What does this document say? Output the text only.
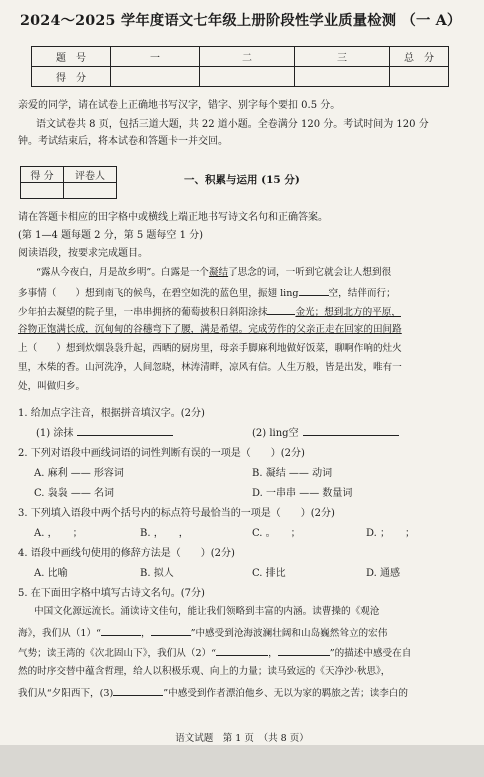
2024～2025 学年度语文七年级上册阶段性学业质量检测 （一 A）
题　号	一	二	三	总　分
得　分				
亲爱的同学，请在试卷上正确地书写汉字，错字、别字每个要扣 0.5 分。
语文试卷共 8 页，包括三道大题，共 22 道小题。全卷满分 120 分。考试时间为 120 分
钟。考试结束后，将本试卷和答题卡一并交回。
得 分	评卷人
		一、积累与运用 (15 分)
请在答题卡相应的田字格中或横线上端正地书写诗文名句和正确答案。
(第 1—4 题每题 2 分，第 5 题每空 1 分)
阅读语段，按要求完成题目。
“露从今夜白，月是故乡明”。白露是一个凝结了思念的词，一听到它就会让人想到很
多事情（　　）想到南飞的候鸟，在碧空如洗的蓝色里，振翅 ling	空，结伴而行；
少年拍去凝望的院子里，一串串拥挤的葡萄披积日斜阳涂抹	金光；想到北方的平原，
谷物正饱满长成，沉甸甸的谷穗弯下了腰，满是希望。完成劳作的父亲正走在回家的田间路
上（　　）想到炊烟袅袅升起，西晒的厨房里，母亲手脚麻利地做好饭菜，聊啊作响的灶火
里，木柴的香。山河洗净，人间忽晓，林涛清畔，凉风有信。人生万般，皆是出发，唯有一
处，叫做归乡。
1. 给加点字注音，根据拼音填汉字。(2分)
(1) 涂抹	(2) ling空
2. 下列对语段中画线词语的词性判断有误的一项是（　　）(2分)
A. 麻利 —— 形容词	B. 凝结 —— 动词
C. 袅袅 —— 名词	D. 一串串 —— 数量词
3. 下列填入语段中两个括号内的标点符号最恰当的一项是（　　）(2分)
A. ，　　；	B. ，　　，	C. 。　　；	D. ；　　；
4. 语段中画线句使用的修辞方法是（　　）(2分)
A. 比喻	B. 拟人	C. 排比	D. 通感
5. 在下面田字格中填写古诗文名句。(7分)
中国文化源远流长。涌读诗文佳句，能让我们领略到丰富的内涵。读曹操的《观沧
海》，我们从（1）“	，	”中感受到沧海波澜壮阔和山岛巍然耸立的宏伟
气势；读王湾的《次北固山下》，我们从（2）“	，	”的描述中感受在自
然的时序交替中蕴含哲理，给人以积极乐观、向上的力量；读马致远的《天净沙·秋思》，
我们从“夕阳西下，(3)	”中感受到作者漂泊他乡、无以为家的羁旅之苦；读李白的
语文试题　第 1 页　（共 8 页）
